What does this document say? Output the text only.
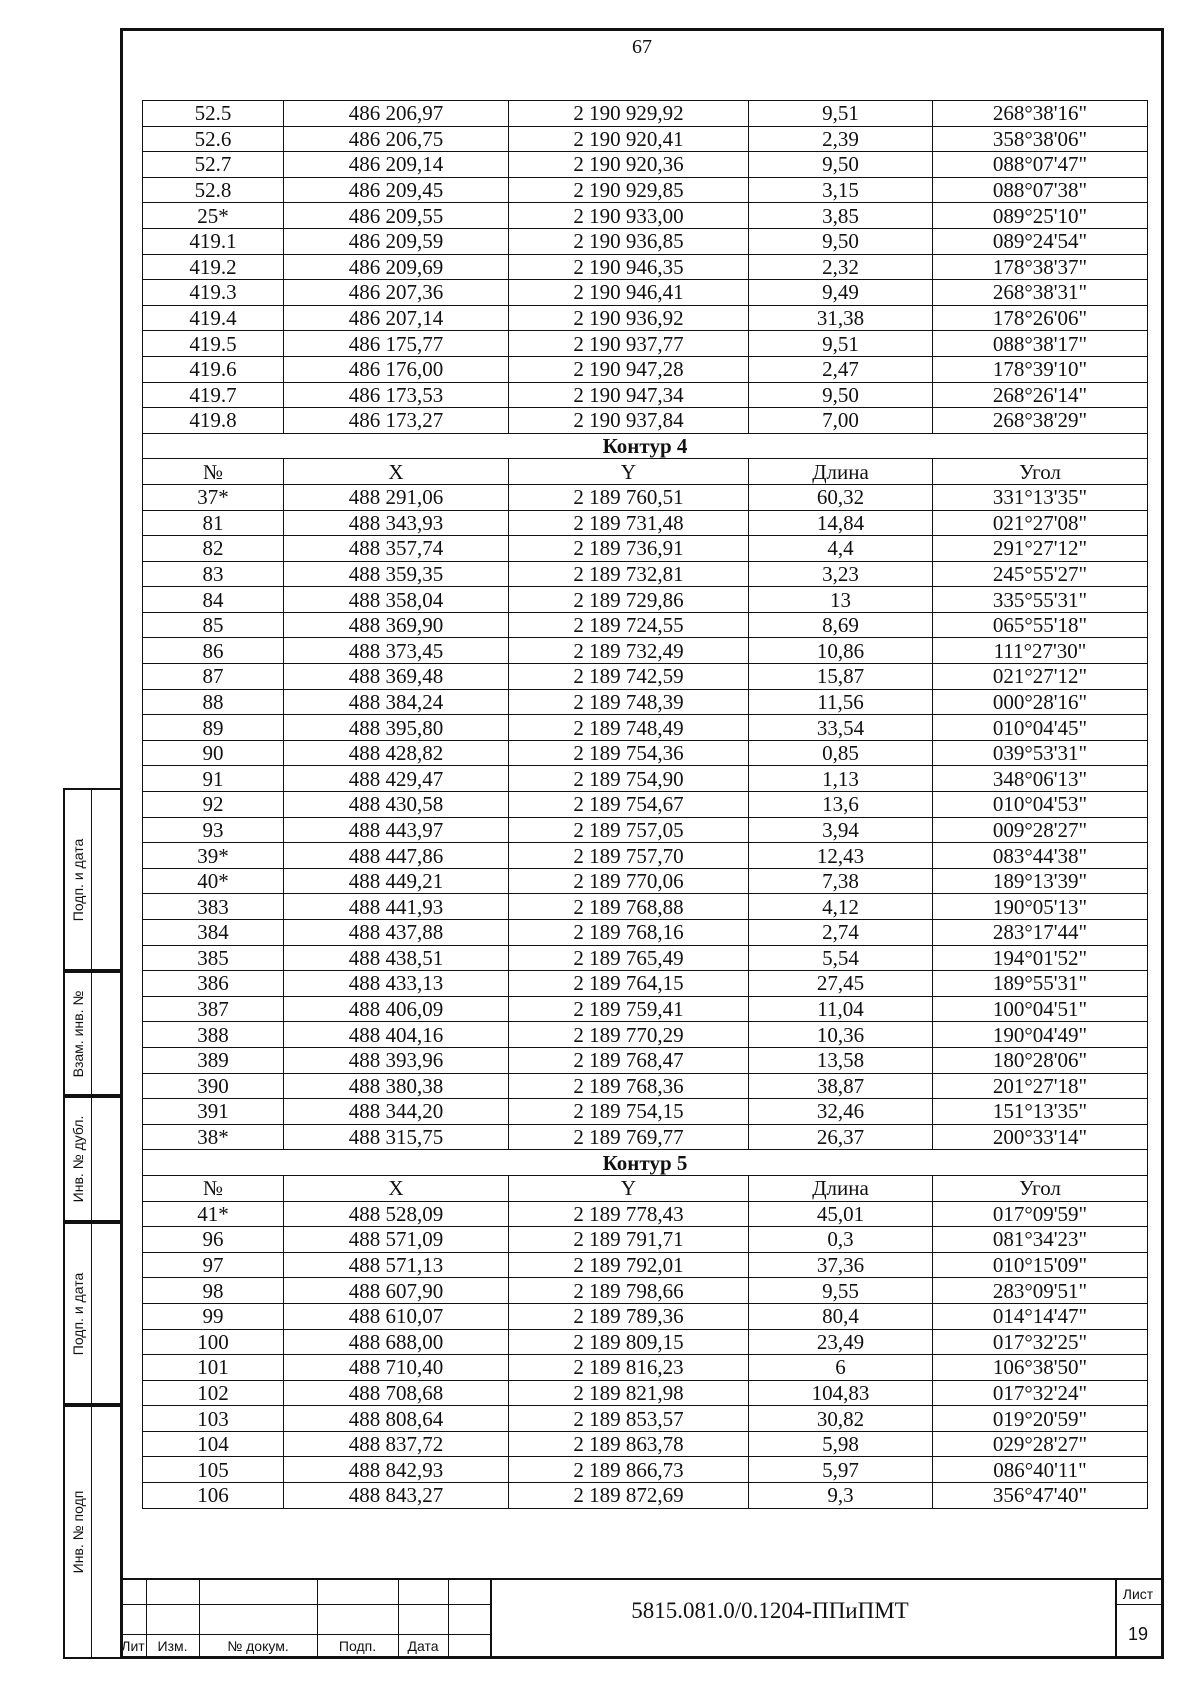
67
52.5	486 206,97	2 190 929,92	9,51	268°38'16"
52.6	486 206,75	2 190 920,41	2,39	358°38'06"
52.7	486 209,14	2 190 920,36	9,50	088°07'47"
52.8	486 209,45	2 190 929,85	3,15	088°07'38"
25*	486 209,55	2 190 933,00	3,85	089°25'10"
419.1	486 209,59	2 190 936,85	9,50	089°24'54"
419.2	486 209,69	2 190 946,35	2,32	178°38'37"
419.3	486 207,36	2 190 946,41	9,49	268°38'31"
419.4	486 207,14	2 190 936,92	31,38	178°26'06"
419.5	486 175,77	2 190 937,77	9,51	088°38'17"
419.6	486 176,00	2 190 947,28	2,47	178°39'10"
419.7	486 173,53	2 190 947,34	9,50	268°26'14"
419.8	486 173,27	2 190 937,84	7,00	268°38'29"
Контур 4				
№	X	Y	Длина	Угол
37*	488 291,06	2 189 760,51	60,32	331°13'35"
81	488 343,93	2 189 731,48	14,84	021°27'08"
82	488 357,74	2 189 736,91	4,4	291°27'12"
83	488 359,35	2 189 732,81	3,23	245°55'27"
84	488 358,04	2 189 729,86	13	335°55'31"
85	488 369,90	2 189 724,55	8,69	065°55'18"
86	488 373,45	2 189 732,49	10,86	111°27'30"
87	488 369,48	2 189 742,59	15,87	021°27'12"
88	488 384,24	2 189 748,39	11,56	000°28'16"
89	488 395,80	2 189 748,49	33,54	010°04'45"
90	488 428,82	2 189 754,36	0,85	039°53'31"
91	488 429,47	2 189 754,90	1,13	348°06'13"
92	488 430,58	2 189 754,67	13,6	010°04'53"
93	488 443,97	2 189 757,05	3,94	009°28'27"
39*	488 447,86	2 189 757,70	12,43	083°44'38"
40*	488 449,21	2 189 770,06	7,38	189°13'39"
383	488 441,93	2 189 768,88	4,12	190°05'13"
384	488 437,88	2 189 768,16	2,74	283°17'44"
385	488 438,51	2 189 765,49	5,54	194°01'52"
386	488 433,13	2 189 764,15	27,45	189°55'31"
387	488 406,09	2 189 759,41	11,04	100°04'51"
388	488 404,16	2 189 770,29	10,36	190°04'49"
389	488 393,96	2 189 768,47	13,58	180°28'06"
390	488 380,38	2 189 768,36	38,87	201°27'18"
391	488 344,20	2 189 754,15	32,46	151°13'35"
38*	488 315,75	2 189 769,77	26,37	200°33'14"
Контур 5				
№	X	Y	Длина	Угол
41*	488 528,09	2 189 778,43	45,01	017°09'59"
96	488 571,09	2 189 791,71	0,3	081°34'23"
97	488 571,13	2 189 792,01	37,36	010°15'09"
98	488 607,90	2 189 798,66	9,55	283°09'51"
99	488 610,07	2 189 789,36	80,4	014°14'47"
100	488 688,00	2 189 809,15	23,49	017°32'25"
101	488 710,40	2 189 816,23	6	106°38'50"
102	488 708,68	2 189 821,98	104,83	017°32'24"
103	488 808,64	2 189 853,57	30,82	019°20'59"
104	488 837,72	2 189 863,78	5,98	029°28'27"
105	488 842,93	2 189 866,73	5,97	086°40'11"
106	488 843,27	2 189 872,69	9,3	356°47'40"
Подп. и дата
Взам. инв. №
Инв. № дубл.
Подп. и дата
Инв. № подп
Лит Изм.	№ докум.	Подп.	Дата
5815.081.0/0.1204-ППиПМТ
Лист
19
